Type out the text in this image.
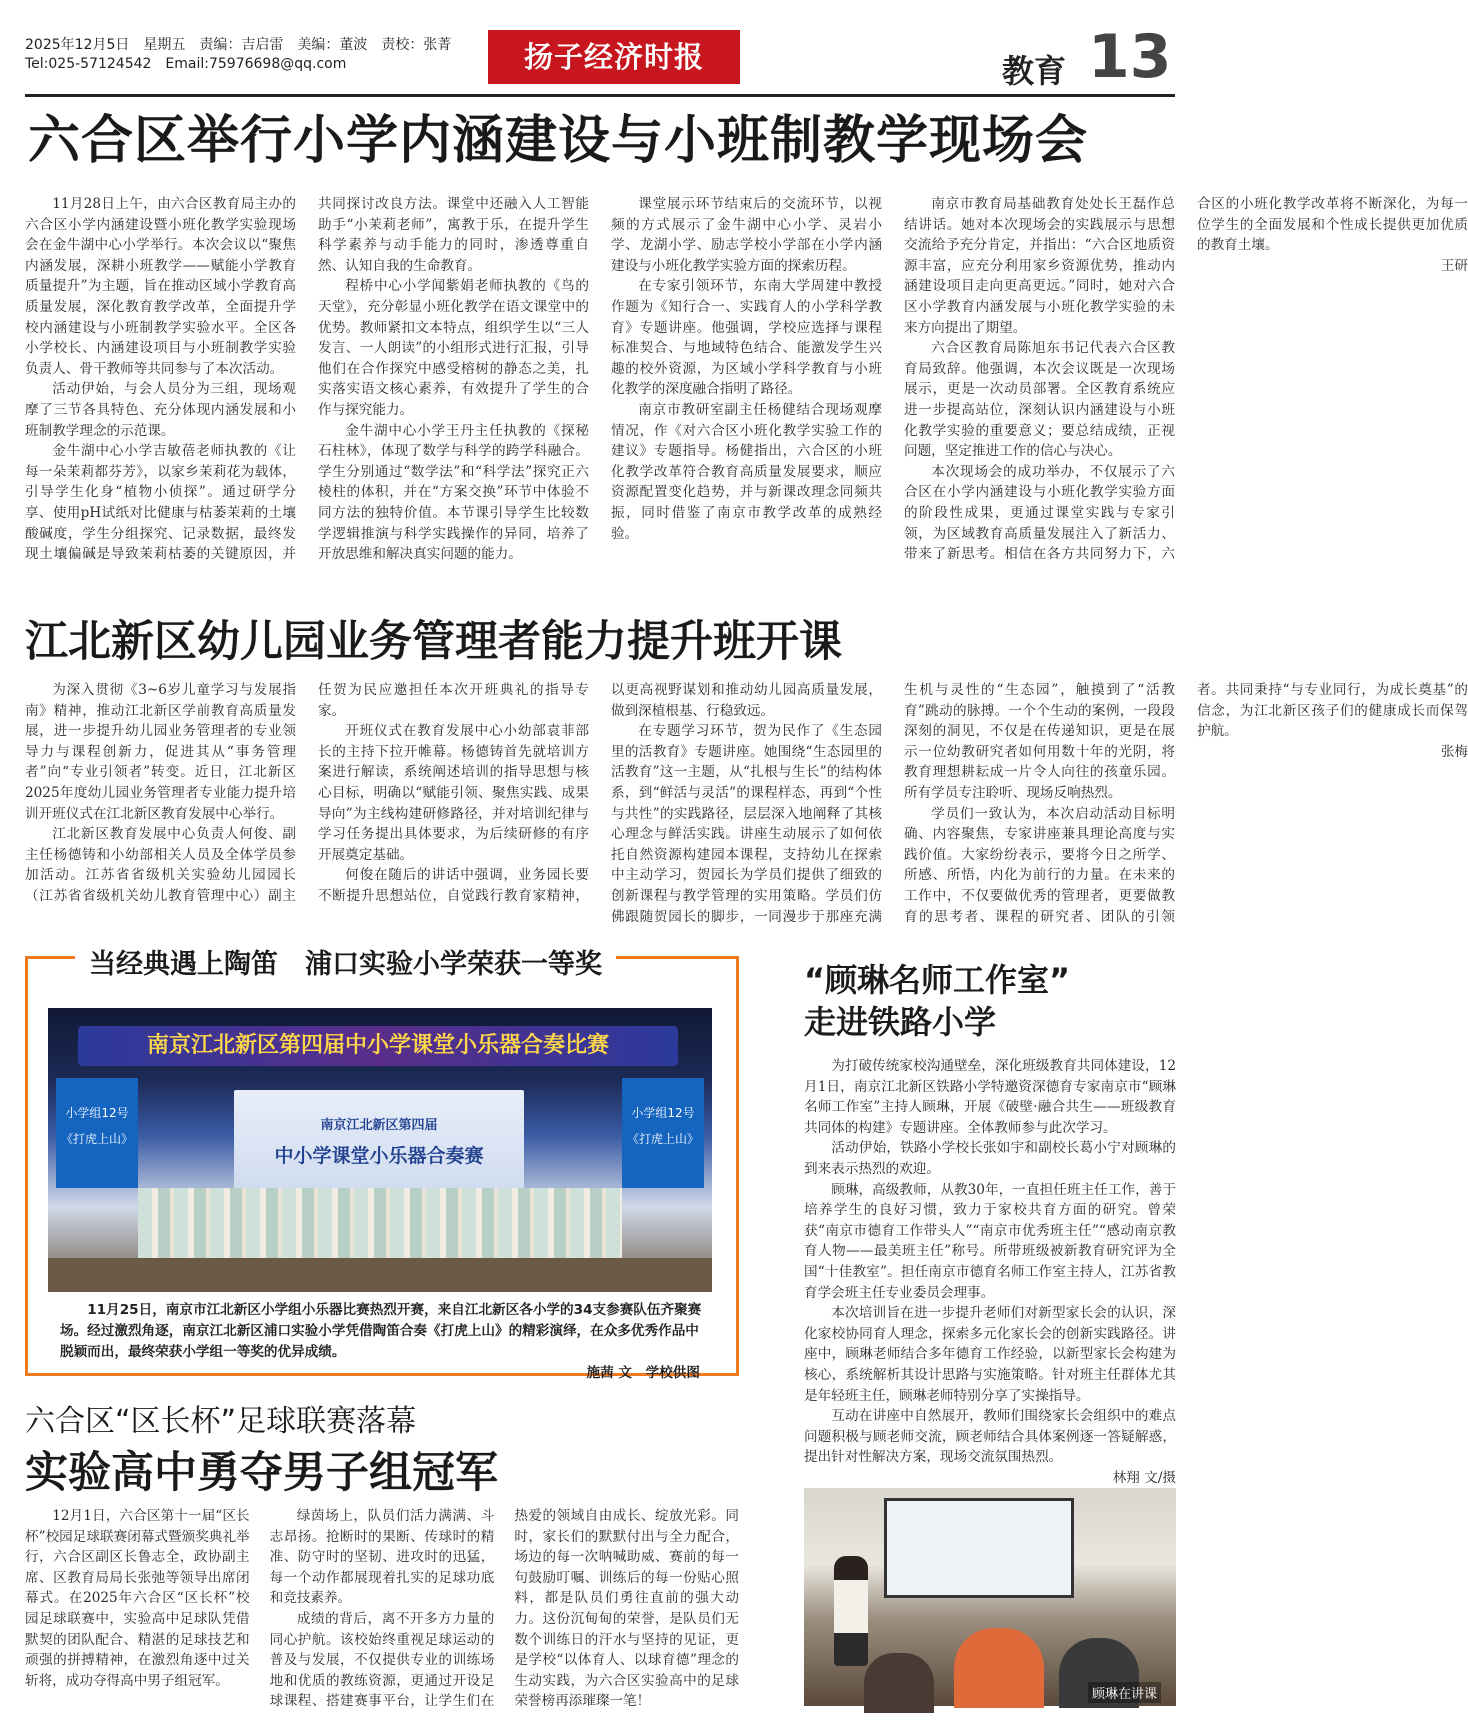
2025年12月5日　星期五　责编：吉启雷　美编：董波　责校：张菁
Tel:025-57124542　Email:75976698@qq.com	扬子经济时报	教育 13
六合区举行小学内涵建设与小班制教学现场会

11月28日上午，由六合区教育局主办的六合区小学内涵建设暨小班化教学实验现场会在金牛湖中心小学举行。本次会议以“聚焦内涵发展，深耕小班教学——赋能小学教育质量提升”为主题，旨在推动区域小学教育高质量发展，深化教育教学改革，全面提升学校内涵建设与小班制教学实验水平。全区各小学校长、内涵建设项目与小班制教学实验负责人、骨干教师等共同参与了本次活动。

活动伊始，与会人员分为三组，现场观摩了三节各具特色、充分体现内涵发展和小班制教学理念的示范课。

金牛湖中心小学吉敏蓓老师执教的《让每一朵茉莉都芬芳》，以家乡茉莉花为载体，引导学生化身“植物小侦探”。通过研学分享、使用pH试纸对比健康与枯萎茉莉的土壤酸碱度，学生分组探究、记录数据，最终发现土壤偏碱是导致茉莉枯萎的关键原因，并共同探讨改良方法。课堂中还融入人工智能助手“小茉莉老师”，寓教于乐，在提升学生科学素养与动手能力的同时，渗透尊重自然、认知自我的生命教育。

程桥中心小学闻紫娟老师执教的《鸟的天堂》，充分彰显小班化教学在语文课堂中的优势。教师紧扣文本特点，组织学生以“三人发言、一人朗读”的小组形式进行汇报，引导他们在合作探究中感受榕树的静态之美，扎实落实语文核心素养，有效提升了学生的合作与探究能力。

金牛湖中心小学王丹主任执教的《探秘石柱林》，体现了数学与科学的跨学科融合。学生分别通过“数学法”和“科学法”探究正六棱柱的体积，并在“方案交换”环节中体验不同方法的独特价值。本节课引导学生比较数学逻辑推演与科学实践操作的异同，培养了开放思维和解决真实问题的能力。

课堂展示环节结束后的交流环节，以视频的方式展示了金牛湖中心小学、灵岩小学、龙湖小学、励志学校小学部在小学内涵建设与小班化教学实验方面的探索历程。

在专家引领环节，东南大学周建中教授作题为《知行合一、实践育人的小学科学教育》专题讲座。他强调，学校应选择与课程标准契合、与地域特色结合、能激发学生兴趣的校外资源，为区域小学科学教育与小班化教学的深度融合指明了路径。

南京市教研室副主任杨健结合现场观摩情况，作《对六合区小班化教学实验工作的建议》专题指导。杨健指出，六合区的小班化教学改革符合教育高质量发展要求，顺应资源配置变化趋势，并与新课改理念同频共振，同时借鉴了南京市教学改革的成熟经验。

南京市教育局基础教育处处长王磊作总结讲话。她对本次现场会的实践展示与思想交流给予充分肯定，并指出：“六合区地质资源丰富，应充分利用家乡资源优势，推动内涵建设项目走向更高更远。”同时，她对六合区小学教育内涵发展与小班化教学实验的未来方向提出了期望。

六合区教育局陈旭东书记代表六合区教育局致辞。他强调，本次会议既是一次现场展示，更是一次动员部署。全区教育系统应进一步提高站位，深刻认识内涵建设与小班化教学实验的重要意义；要总结成绩，正视问题，坚定推进工作的信心与决心。

本次现场会的成功举办，不仅展示了六合区在小学内涵建设与小班化教学实验方面的阶段性成果，更通过课堂实践与专家引领，为区域教育高质量发展注入了新活力、带来了新思考。相信在各方共同努力下，六合区的小班化教学改革将不断深化，为每一位学生的全面发展和个性成长提供更加优质的教育土壤。

王研
江北新区幼儿园业务管理者能力提升班开课

为深入贯彻《3~6岁儿童学习与发展指南》精神，推动江北新区学前教育高质量发展，进一步提升幼儿园业务管理者的专业领导力与课程创新力，促进其从“事务管理者”向“专业引领者”转变。近日，江北新区2025年度幼儿园业务管理者专业能力提升培训开班仪式在江北新区教育发展中心举行。

江北新区教育发展中心负责人何俊、副主任杨德铸和小幼部相关人员及全体学员参加活动。江苏省省级机关实验幼儿园园长（江苏省省级机关幼儿教育管理中心）副主任贺为民应邀担任本次开班典礼的指导专家。

开班仪式在教育发展中心小幼部袁菲部长的主持下拉开帷幕。杨德铸首先就培训方案进行解读，系统阐述培训的指导思想与核心目标，明确以“赋能引领、聚焦实践、成果导向”为主线构建研修路径，并对培训纪律与学习任务提出具体要求，为后续研修的有序开展奠定基础。

何俊在随后的讲话中强调，业务园长要不断提升思想站位，自觉践行教育家精神，以更高视野谋划和推动幼儿园高质量发展，做到深植根基、行稳致远。

在专题学习环节，贺为民作了《生态园里的活教育》专题讲座。她围绕“生态园里的活教育”这一主题，从“扎根与生长”的结构体系，到“鲜活与灵活”的课程样态，再到“个性与共性”的实践路径，层层深入地阐释了其核心理念与鲜活实践。讲座生动展示了如何依托自然资源构建园本课程，支持幼儿在探索中主动学习，贺园长为学员们提供了细致的创新课程与教学管理的实用策略。学员们仿佛跟随贺园长的脚步，一同漫步于那座充满生机与灵性的“生态园”，触摸到了“活教育”跳动的脉搏。一个个生动的案例，一段段深刻的洞见，不仅是在传递知识，更是在展示一位幼教研究者如何用数十年的光阴，将教育理想耕耘成一片令人向往的孩童乐园。所有学员专注聆听、现场反响热烈。

学员们一致认为，本次启动活动目标明确、内容聚焦，专家讲座兼具理论高度与实践价值。大家纷纷表示，要将今日之所学、所感、所悟，内化为前行的力量。在未来的工作中，不仅要做优秀的管理者，更要做教育的思考者、课程的研究者、团队的引领者。共同秉持“与专业同行，为成长奠基”的信念，为江北新区孩子们的健康成长而保驾护航。

张梅
当经典遇上陶笛　浦口实验小学荣获一等奖
南京江北新区第四届中小学课堂小乐器合奏比赛
小学组12号
《打虎上山》
南京江北新区第四届
中小学课堂小乐器合奏赛
小学组12号
《打虎上山》
11月25日，南京市江北新区小学组小乐器比赛热烈开赛，来自江北新区各小学的34支参赛队伍齐聚赛场。经过激烈角逐，南京江北新区浦口实验小学凭借陶笛合奏《打虎上山》的精彩演绎，在众多优秀作品中脱颖而出，最终荣获小学组一等奖的优异成绩。
施茜 文　学校供图
六合区“区长杯”足球联赛落幕
实验高中勇夺男子组冠军

12月1日，六合区第十一届“区长杯”校园足球联赛闭幕式暨颁奖典礼举行，六合区副区长鲁志全，政协副主席、区教育局局长张弛等领导出席闭幕式。在2025年六合区“区长杯”校园足球联赛中，实验高中足球队凭借默契的团队配合、精湛的足球技艺和顽强的拼搏精神，在激烈角逐中过关斩将，成功夺得高中男子组冠军。

绿茵场上，队员们活力满满、斗志昂扬。抢断时的果断、传球时的精准、防守时的坚韧、进攻时的迅猛，每一个动作都展现着扎实的足球功底和竞技素养。

成绩的背后，离不开多方力量的同心护航。该校始终重视足球运动的普及与发展，不仅提供专业的训练场地和优质的教练资源，更通过开设足球课程、搭建赛事平台，让学生们在热爱的领域自由成长、绽放光彩。同时，家长们的默默付出与全力配合，场边的每一次呐喊助威、赛前的每一句鼓励叮嘱、训练后的每一份贴心照料，都是队员们勇往直前的强大动力。这份沉甸甸的荣誉，是队员们无数个训练日的汗水与坚持的见证，更是学校“以体育人、以球育德”理念的生动实践，为六合区实验高中的足球荣誉榜再添璀璨一笔！

“顾琳名师工作室”
走进铁路小学

为打破传统家校沟通壁垒，深化班级教育共同体建设，12月1日，南京江北新区铁路小学特邀资深德育专家南京市“顾琳名师工作室”主持人顾琳，开展《破壁·融合共生——班级教育共同体的构建》专题讲座。全体教师参与此次学习。

活动伊始，铁路小学校长张如宇和副校长葛小宁对顾琳的到来表示热烈的欢迎。

顾琳，高级教师，从教30年，一直担任班主任工作，善于培养学生的良好习惯，致力于家校共育方面的研究。曾荣获“南京市德育工作带头人”“南京市优秀班主任”“感动南京教育人物——最美班主任”称号。所带班级被新教育研究评为全国“十佳教室”。担任南京市德育名师工作室主持人，江苏省教育学会班主任专业委员会理事。

本次培训旨在进一步提升老师们对新型家长会的认识，深化家校协同育人理念，探索多元化家长会的创新实践路径。讲座中，顾琳老师结合多年德育工作经验，以新型家长会构建为核心，系统解析其设计思路与实施策略。针对班主任群体尤其是年轻班主任，顾琳老师特别分享了实操指导。

互动在讲座中自然展开，教师们围绕家长会组织中的难点问题积极与顾老师交流，顾老师结合具体案例逐一答疑解惑，提出针对性解决方案，现场交流氛围热烈。

林翔 文/摄
顾琳在讲课
